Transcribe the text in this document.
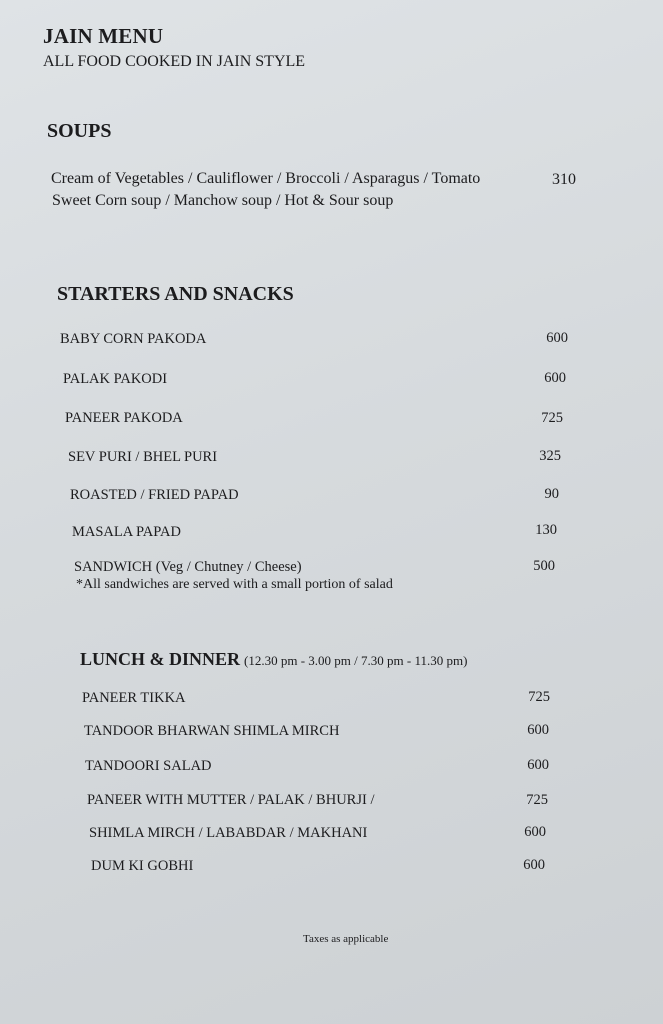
JAIN MENU
ALL FOOD COOKED IN JAIN STYLE
SOUPS
Cream of Vegetables / Cauliflower / Broccoli / Asparagus / Tomato
Sweet Corn soup / Manchow soup / Hot & Sour soup
310
STARTERS AND SNACKS
BABY CORN PAKODA	600
PALAK PAKODI	600
PANEER PAKODA	725
SEV PURI / BHEL PURI	325
ROASTED / FRIED PAPAD	90
MASALA PAPAD	130
SANDWICH (Veg / Chutney / Cheese)	500
*All sandwiches are served with a small portion of salad
LUNCH & DINNER (12.30 pm - 3.00 pm / 7.30 pm - 11.30 pm)
PANEER TIKKA	725
TANDOOR BHARWAN SHIMLA MIRCH	600
TANDOORI SALAD	600
PANEER WITH MUTTER / PALAK / BHURJI /	725
SHIMLA MIRCH / LABABDAR / MAKHANI	600
DUM KI GOBHI	600
Taxes as applicable
